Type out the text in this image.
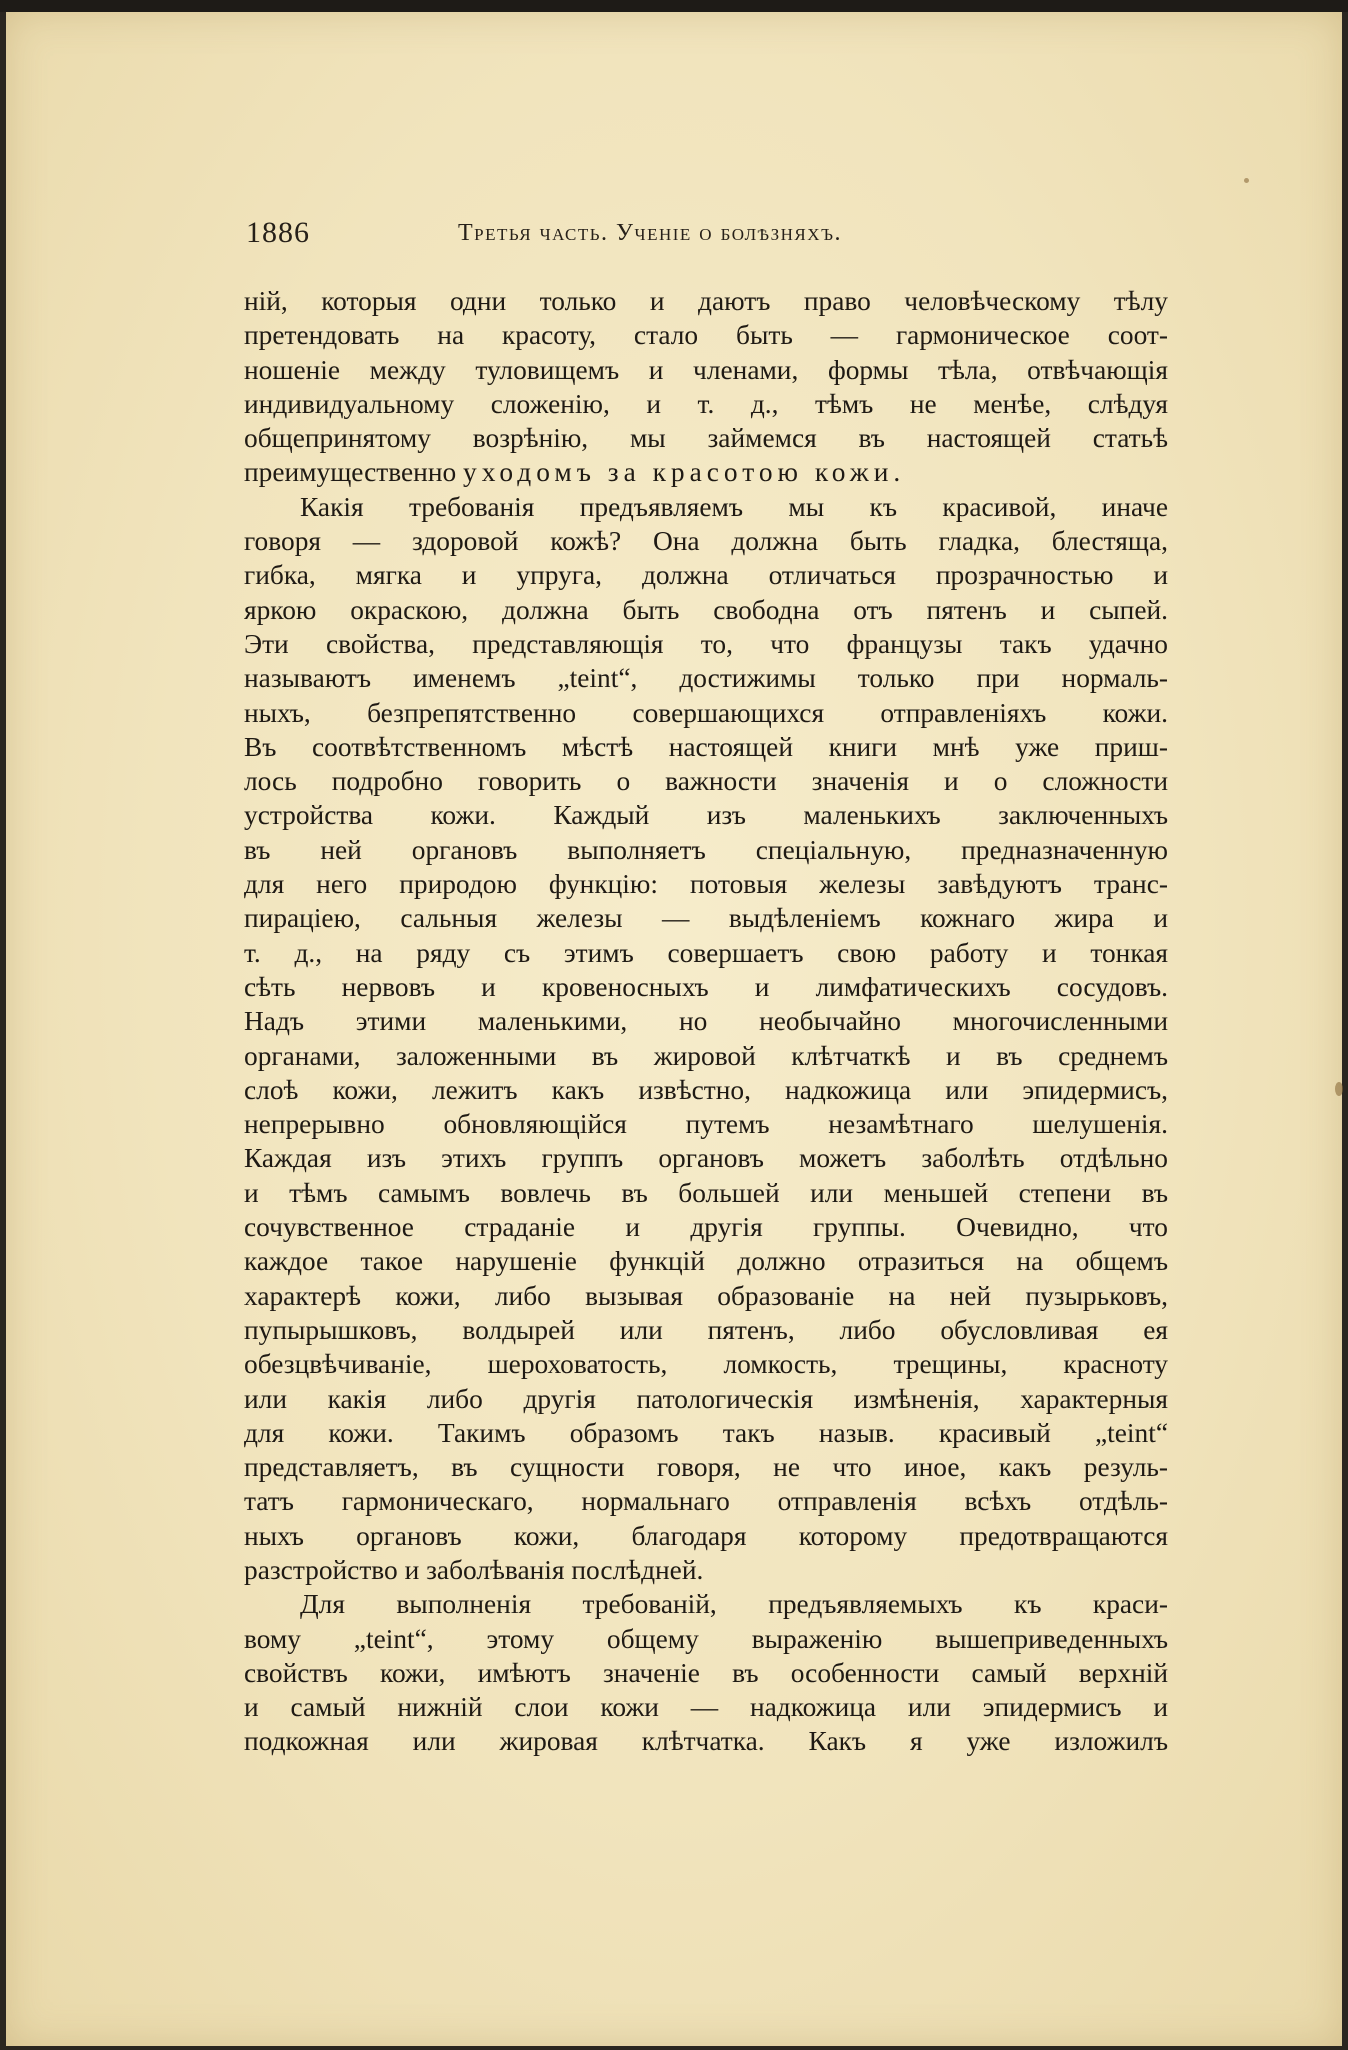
1886	Третья часть. Ученіе о болѣзняхъ.
ній, которыя одни только и даютъ право человѣческому тѣлу
претендовать на красоту, стало быть — гармоническое соот-
ношеніе между туловищемъ и членами, формы тѣла, отвѣчающія
индивидуальному сложенію, и т. д., тѣмъ не менѣе, слѣдуя
общепринятому возрѣнію, мы займемся въ настоящей статьѣ
преимущественно уходомъ за красотою кожи.
Какія требованія предъявляемъ мы къ красивой, иначе
говоря — здоровой кожѣ? Она должна быть гладка, блестяща,
гибка, мягка и упруга, должна отличаться прозрачностью и
яркою окраскою, должна быть свободна отъ пятенъ и сыпей.
Эти свойства, представляющія то, что французы такъ удачно
называютъ именемъ „teint“, достижимы только при нормаль-
ныхъ, безпрепятственно совершающихся отправленіяхъ кожи.
Въ соотвѣтственномъ мѣстѣ настоящей книги мнѣ уже приш-
лось подробно говорить о важности значенія и о сложности
устройства кожи. Каждый изъ маленькихъ заключенныхъ
въ ней органовъ выполняетъ спеціальную, предназначенную
для него природою функцію: потовыя железы завѣдуютъ транс-
пираціею, сальныя железы — выдѣленіемъ кожнаго жира и
т. д., на ряду съ этимъ совершаетъ свою работу и тонкая
сѣть нервовъ и кровеносныхъ и лимфатическихъ сосудовъ.
Надъ этими маленькими, но необычайно многочисленными
органами, заложенными въ жировой клѣтчаткѣ и въ среднемъ
слоѣ кожи, лежитъ какъ извѣстно, надкожица или эпидермисъ,
непрерывно обновляющійся путемъ незамѣтнаго шелушенія.
Каждая изъ этихъ группъ органовъ можетъ заболѣть отдѣльно
и тѣмъ самымъ вовлечь въ большей или меньшей степени въ
сочувственное страданіе и другія группы. Очевидно, что
каждое такое нарушеніе функцій должно отразиться на общемъ
характерѣ кожи, либо вызывая образованіе на ней пузырьковъ,
пупырышковъ, волдырей или пятенъ, либо обусловливая ея
обезцвѣчиваніе, шероховатость, ломкость, трещины, красноту
или какія либо другія патологическія измѣненія, характерныя
для кожи. Такимъ образомъ такъ назыв. красивый „teint“
представляетъ, въ сущности говоря, не что иное, какъ резуль-
татъ гармоническаго, нормальнаго отправленія всѣхъ отдѣль-
ныхъ органовъ кожи, благодаря которому предотвращаются
разстройство и заболѣванія послѣдней.
Для выполненія требованій, предъявляемыхъ къ краси-
вому „teint“, этому общему выраженію вышеприведенныхъ
свойствъ кожи, имѣютъ значеніе въ особенности самый верхній
и самый нижній слои кожи — надкожица или эпидермисъ и
подкожная или жировая клѣтчатка. Какъ я уже изложилъ
